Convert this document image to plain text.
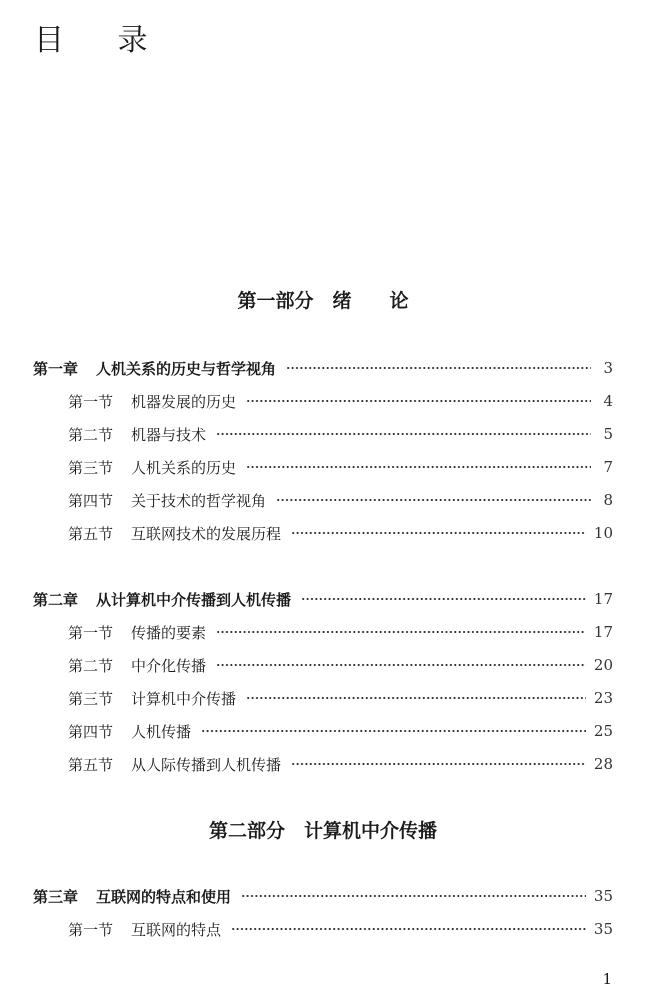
目 录
第一部分　绪　　论
第一章 人机关系的历史与哲学视角	3
第一节 机器发展的历史	4
第二节 机器与技术	5
第三节 人机关系的历史	7
第四节 关于技术的哲学视角	8
第五节 互联网技术的发展历程	10
第二章 从计算机中介传播到人机传播	17
第一节 传播的要素	17
第二节 中介化传播	20
第三节 计算机中介传播	23
第四节 人机传播	25
第五节 从人际传播到人机传播	28
第二部分　计算机中介传播
第三章 互联网的特点和使用	35
第一节 互联网的特点	35
1
